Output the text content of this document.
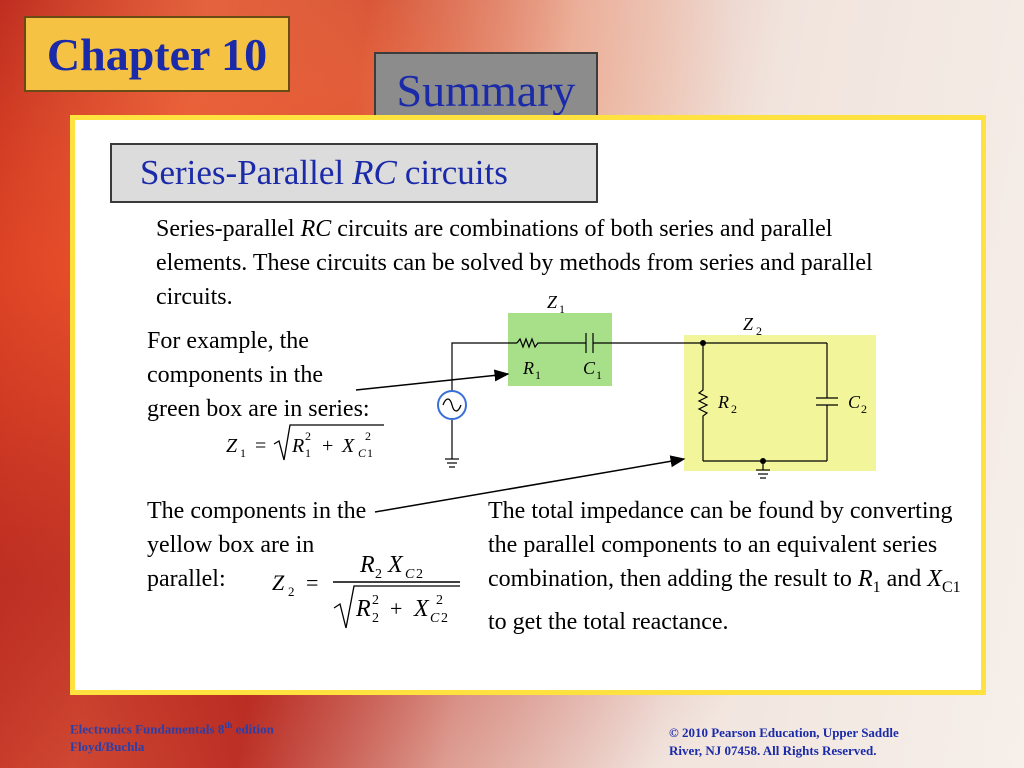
Chapter 10
Summary
Series-Parallel RC circuits
Series-parallel RC circuits are combinations of both series and parallel elements. These circuits can be solved by methods from series and parallel circuits.
For example, the components in the green box are in series:
The components in the yellow box are in parallel:
The total impedance can be found by converting the parallel components to an equivalent series combination, then adding the result to $R_1$ and $X_{C1}$ to get the total reactance.
Z 1 = R 2
1 + X 2
C 1
Z 2 =
R 2 X C 2
R 2
2 + X 2
C 2
Z
R	C
Z
R	C
1
1	1
2
2	2
Electronics Fundamentals 8th edition
Floyd/Buchla
© 2010 Pearson Education, Upper Saddle
River, NJ 07458. All Rights Reserved.
